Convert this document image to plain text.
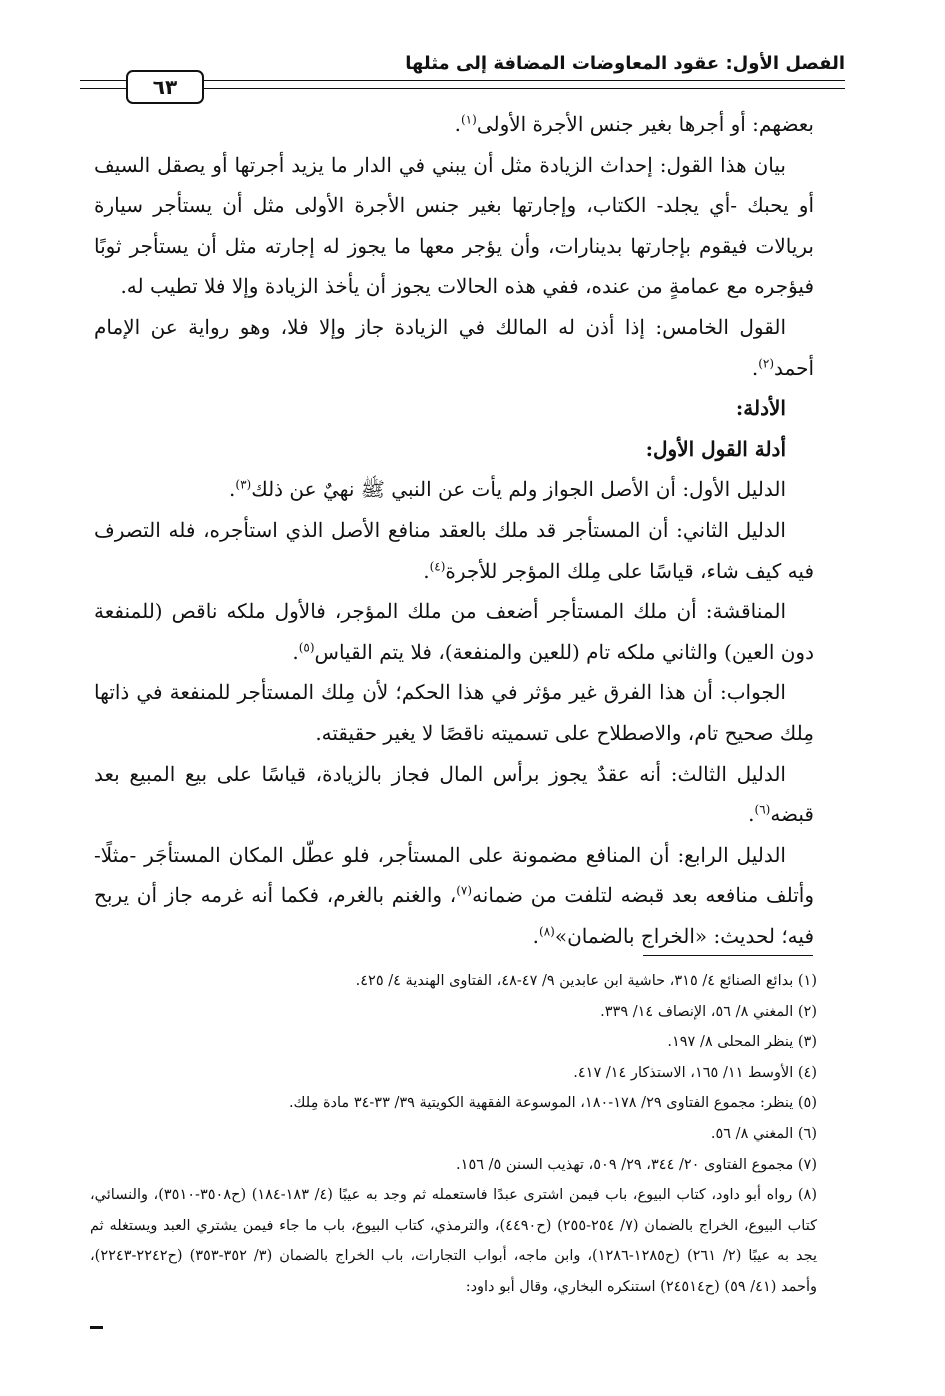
الفصل الأول: عقود المعاوضات المضافة إلى مثلها
٦٣

بعضهم: أو أجرها بغير جنس الأجرة الأولى$^{(١)}$.

بيان هذا القول: إحداث الزيادة مثل أن يبني في الدار ما يزيد أجرتها أو يصقل السيف أو يحبك -أي يجلد- الكتاب، وإجارتها بغير جنس الأجرة الأولى مثل أن يستأجر سيارة بريالات فيقوم بإجارتها بدينارات، وأن يؤجر معها ما يجوز له إجارته مثل أن يستأجر ثوبًا فيؤجره مع عمامةٍ من عنده، ففي هذه الحالات يجوز أن يأخذ الزيادة وإلا فلا تطيب له.

القول الخامس: إذا أذن له المالك في الزيادة جاز وإلا فلا، وهو رواية عن الإمام أحمد$^{(٢)}$.

الأدلة:

أدلة القول الأول:

الدليل الأول: أن الأصل الجواز ولم يأت عن النبي ﷺ نهيٌ عن ذلك$^{(٣)}$.

الدليل الثاني: أن المستأجر قد ملك بالعقد منافع الأصل الذي استأجره، فله التصرف فيه كيف شاء، قياسًا على مِلك المؤجر للأجرة$^{(٤)}$.

المناقشة: أن ملك المستأجر أضعف من ملك المؤجر، فالأول ملكه ناقص (للمنفعة دون العين) والثاني ملكه تام (للعين والمنفعة)، فلا يتم القياس$^{(٥)}$.

الجواب: أن هذا الفرق غير مؤثر في هذا الحكم؛ لأن مِلك المستأجر للمنفعة في ذاتها مِلك صحيح تام، والاصطلاح على تسميته ناقصًا لا يغير حقيقته.

الدليل الثالث: أنه عقدٌ يجوز برأس المال فجاز بالزيادة، قياسًا على بيع المبيع بعد قبضه$^{(٦)}$.

الدليل الرابع: أن المنافع مضمونة على المستأجر، فلو عطّل المكان المستأجَر -مثلًا- وأتلف منافعه بعد قبضه لتلفت من ضمانه$^{(٧)}$، والغنم بالغرم، فكما أنه غرمه جاز أن يربح فيه؛ لحديث: «الخراج بالضمان»$^{(٨)}$.

(١) بدائع الصنائع ٤/ ٣١٥، حاشية ابن عابدين ٩/ ٤٧-٤٨، الفتاوى الهندية ٤/ ٤٢٥.

(٢) المغني ٨/ ٥٦، الإنصاف ١٤/ ٣٣٩.

(٣) ينظر المحلى ٨/ ١٩٧.

(٤) الأوسط ١١/ ١٦٥، الاستذكار ١٤/ ٤١٧.

(٥) ينظر: مجموع الفتاوى ٢٩/ ١٧٨-١٨٠، الموسوعة الفقهية الكويتية ٣٩/ ٣٣-٣٤ مادة مِلك.

(٦) المغني ٨/ ٥٦.

(٧) مجموع الفتاوى ٢٠/ ٣٤٤، ٢٩/ ٥٠٩، تهذيب السنن ٥/ ١٥٦.

(٨) رواه أبو داود، كتاب البيوع، باب فيمن اشترى عبدًا فاستعمله ثم وجد به عيبًا (٤/ ١٨٣-١٨٤) (ح٣٥٠٨-٣٥١٠)، والنسائي، كتاب البيوع، الخراج بالضمان (٧/ ٢٥٤-٢٥٥) (ح٤٤٩٠)، والترمذي، كتاب البيوع، باب ما جاء فيمن يشتري العبد ويستغله ثم يجد به عيبًا (٢/ ٢٦١) (ح١٢٨٥-١٢٨٦)، وابن ماجه، أبواب التجارات، باب الخراج بالضمان (٣/ ٣٥٢-٣٥٣) (ح٢٢٤٢-٢٢٤٣)، وأحمد (٤١/ ٥٩) (ح٢٤٥١٤) استنكره البخاري، وقال أبو داود:
